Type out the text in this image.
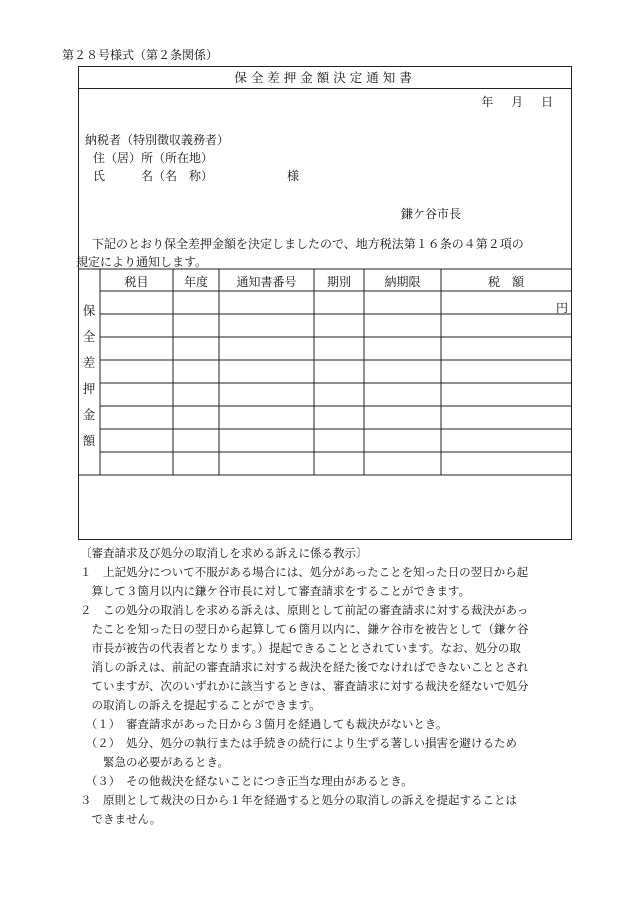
第２８号様式（第２条関係）
保全差押金額決定通知書
年 月 日
納税者（特別徴収義務者）
住（居）所（所在地）
氏　　　名（名　称）	様
鎌ケ谷市長
下記のとおり保全差押金額を決定しましたので、地方税法第１６条の４第２項の
規定により通知します。
保
全
差
押
金
額
税目	年度	通知書番号	期別	納期限	税　額
円
〔審査請求及び処分の取消しを求める訴えに係る教示〕
１　上記処分について不服がある場合には、処分があったことを知った日の翌日から起
　算して３箇月以内に鎌ケ谷市長に対して審査請求をすることができます。
２　この処分の取消しを求める訴えは、原則として前記の審査請求に対する裁決があっ
　たことを知った日の翌日から起算して６箇月以内に、鎌ケ谷市を被告として（鎌ケ谷
　市長が被告の代表者となります。）提起できることとされています。なお、処分の取
　消しの訴えは、前記の審査請求に対する裁決を経た後でなければできないこととされ
　ていますが、次のいずれかに該当するときは、審査請求に対する裁決を経ないで処分
　の取消しの訴えを提起することができます。
　（１）　審査請求があった日から３箇月を経過しても裁決がないとき。
　（２）　処分、処分の執行または手続きの続行により生ずる著しい損害を避けるため
　　緊急の必要があるとき。
　（３）　その他裁決を経ないことにつき正当な理由があるとき。
３　原則として裁決の日から１年を経過すると処分の取消しの訴えを提起することは
　できません。
